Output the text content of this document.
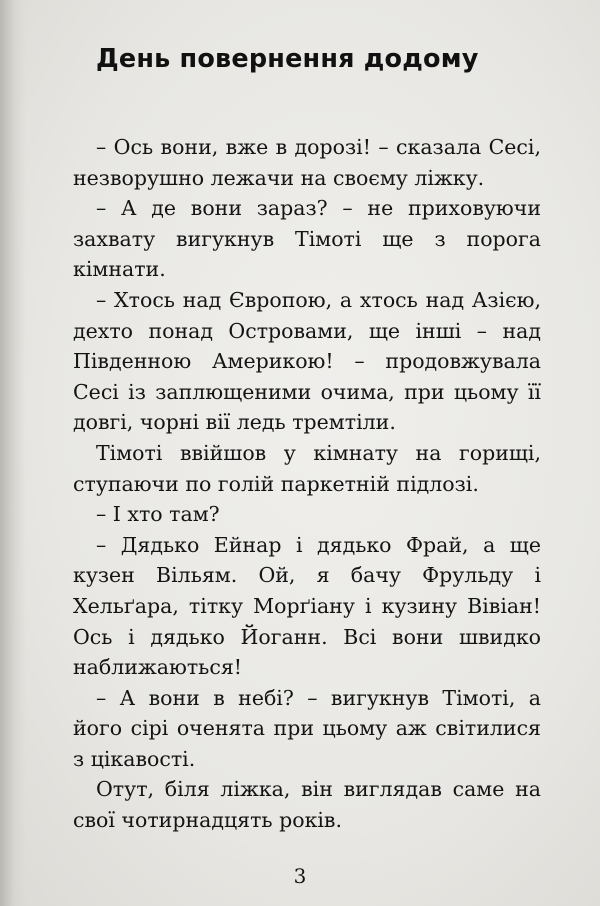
День повернення додому

– Ось вони, вже в дорозі! – сказала Сесі, незворушно лежачи на своєму ліжку.

– А де вони зараз? – не приховуючи захвату вигукнув Тімоті ще з порога кімнати.

– Хтось над Європою, а хтось над Азією, дехто понад Островами, ще інші – над Південною Америкою! – продовжувала Сесі із заплющеними очима, при цьому її довгі, чорні вії ледь тремтіли.

Тімоті ввійшов у кімнату на горищі, ступаючи по голій паркетній підлозі.

– І хто там?

– Дядько Ейнар і дядько Фрай, а ще кузен Вільям. Ой, я бачу Фрульду і Хельґара, тітку Морґіану і кузину Вівіан! Ось і дядько Йоганн. Всі вони швидко наближаються!

– А вони в небі? – вигукнув Тімоті, а його сірі оченята при цьому аж світилися з цікавості.

Отут, біля ліжка, він виглядав саме на свої чотирнадцять років.

3
